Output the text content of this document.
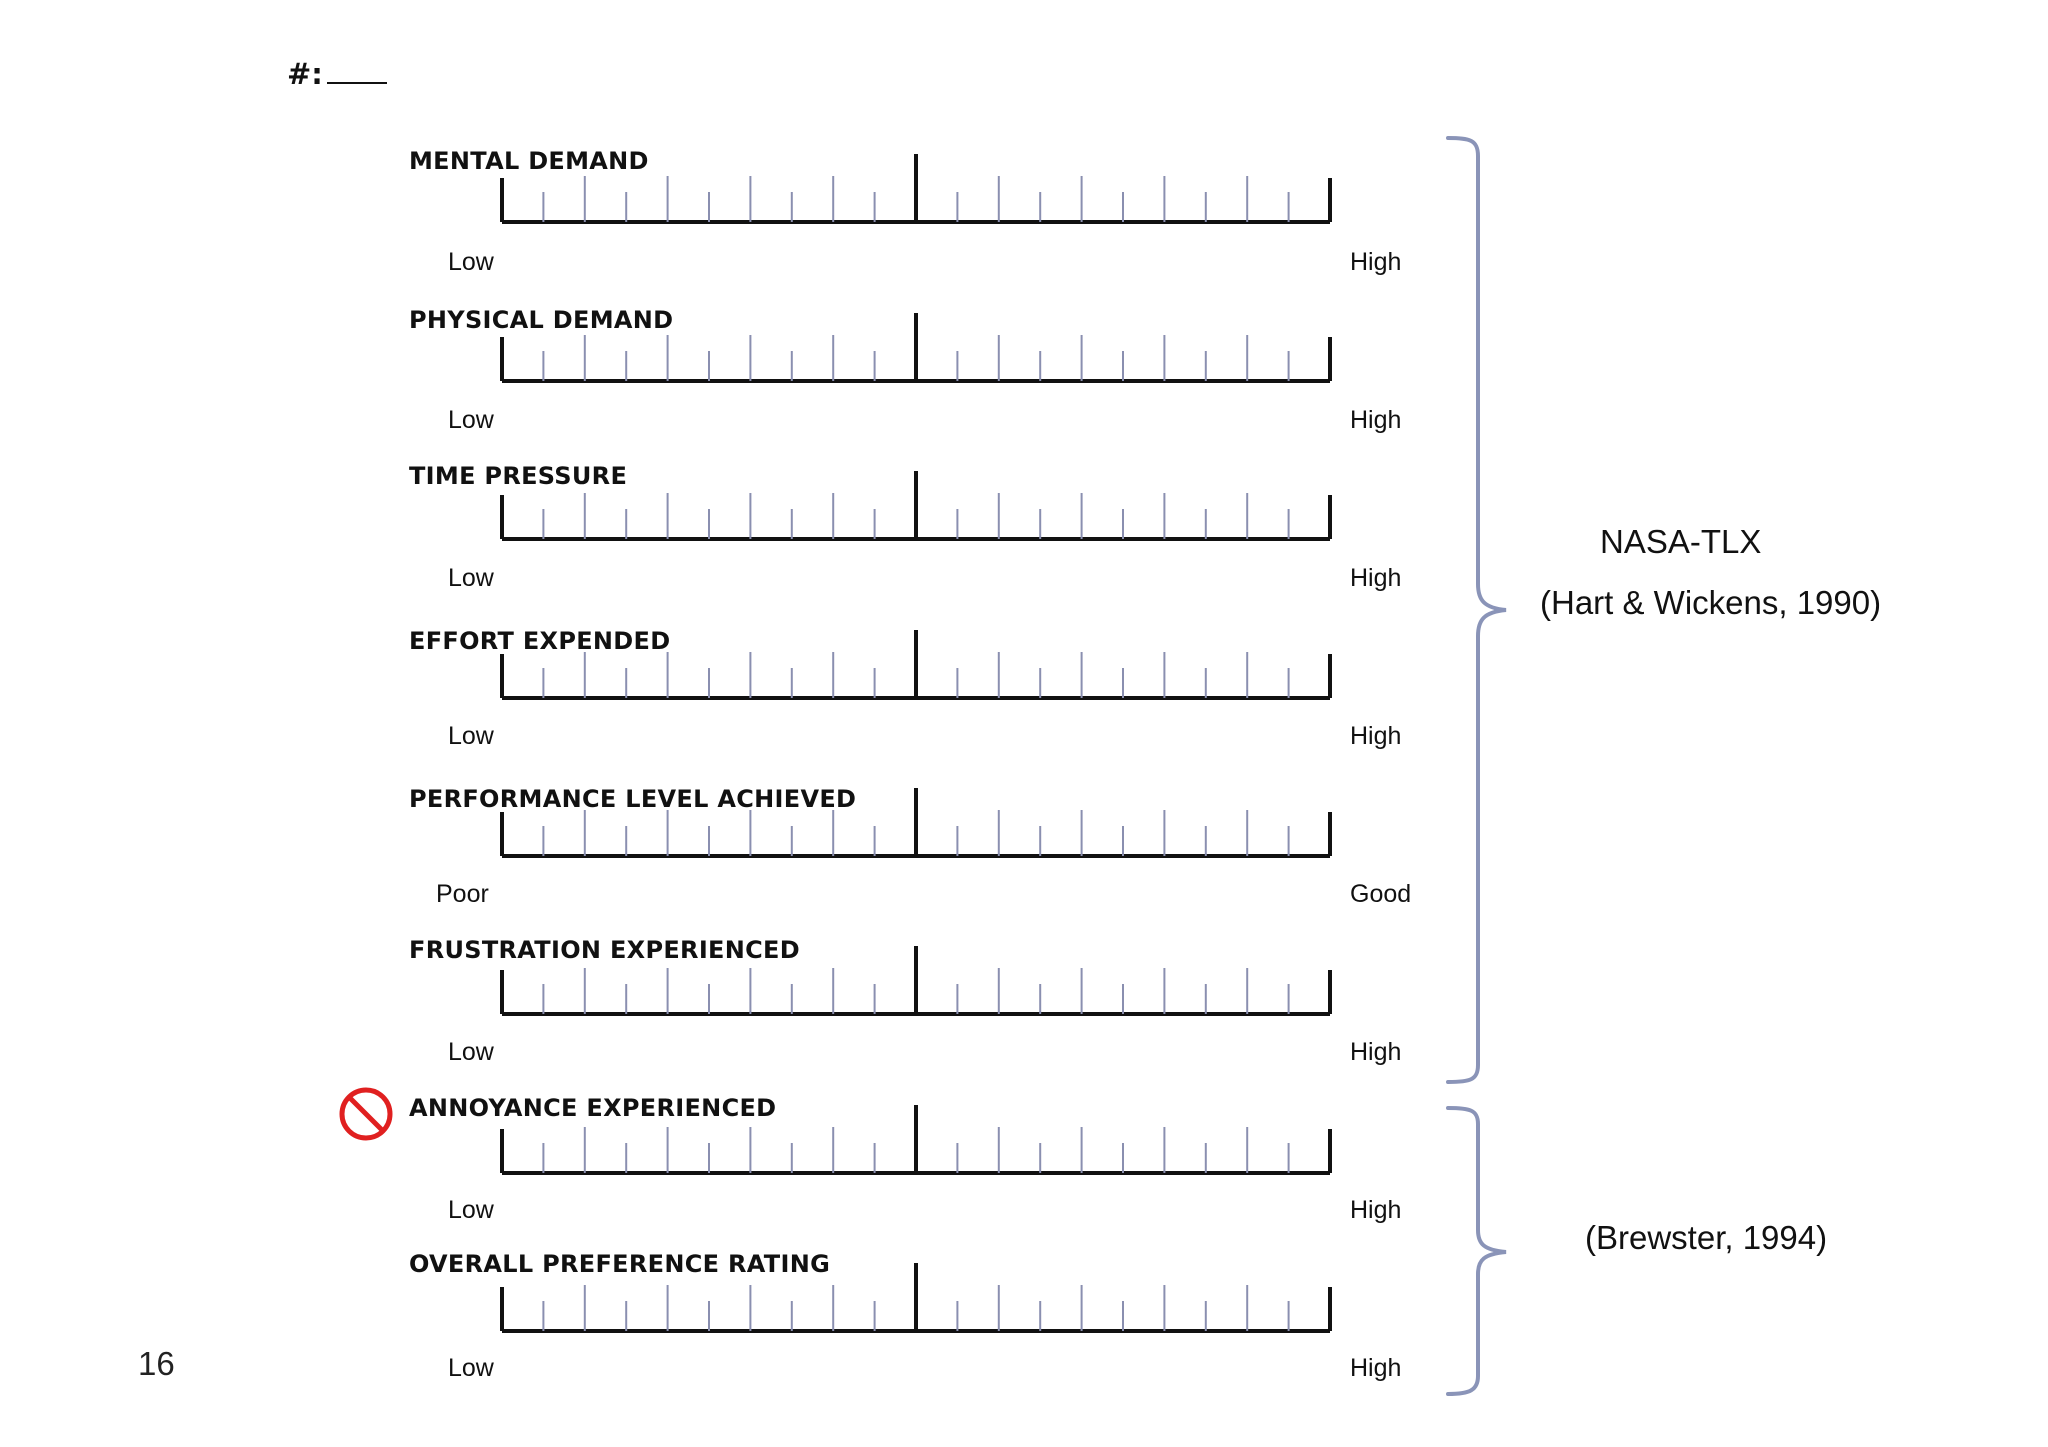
#:
MENTAL DEMAND
Low	High
PHYSICAL DEMAND
Low	High
TIME PRESSURE
Low	High
EFFORT EXPENDED
Low	High
PERFORMANCE LEVEL ACHIEVED
Poor	Good
FRUSTRATION EXPERIENCED
Low	High
ANNOYANCE EXPERIENCED
Low	High
OVERALL PREFERENCE RATING
Low	High
NASA-TLX
(Hart & Wickens, 1990)
(Brewster, 1994)
16
